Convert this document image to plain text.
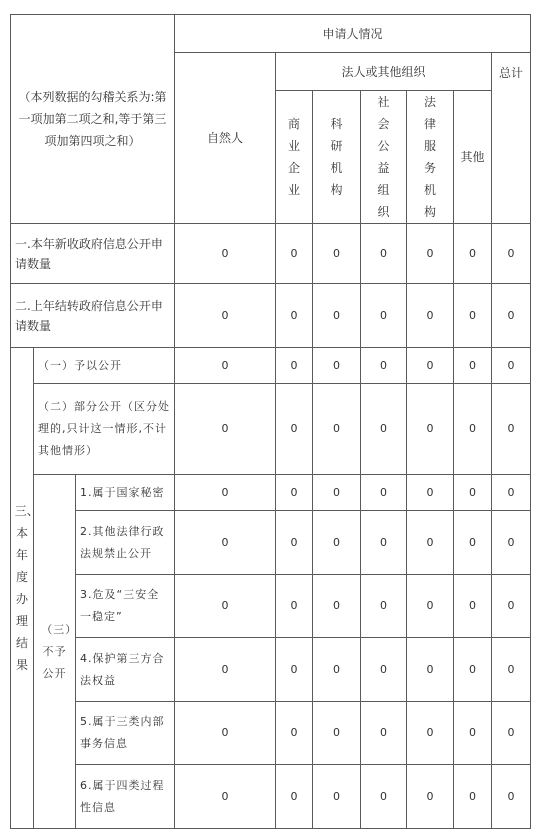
（本列数据的勾稽关系为:第一项加第二项之和,等于第三项加第四项之和）			申请人情况						
			自然人	法人或其他组织					总计
				商业企业	科研机构	社会公益组织	法律服务机构	其他	
一.本年新收政府信息公开申请数量			0	0	0	0	0	0	0
二.上年结转政府信息公开申请数量			0	0	0	0	0	0	0
三、本年度办理结果	（一）予以公开		0	0	0	0	0	0	0
	（二）部分公开（区分处理的,只计这一情形,不计其他情形）		0	0	0	0	0	0	0
	（三）不予公开	1.属于国家秘密	0	0	0	0	0	0	0
		2.其他法律行政法规禁止公开	0	0	0	0	0	0	0
		3.危及“三安全一稳定”	0	0	0	0	0	0	0
		4.保护第三方合法权益	0	0	0	0	0	0	0
		5.属于三类内部事务信息	0	0	0	0	0	0	0
		6.属于四类过程性信息	0	0	0	0	0	0	0
